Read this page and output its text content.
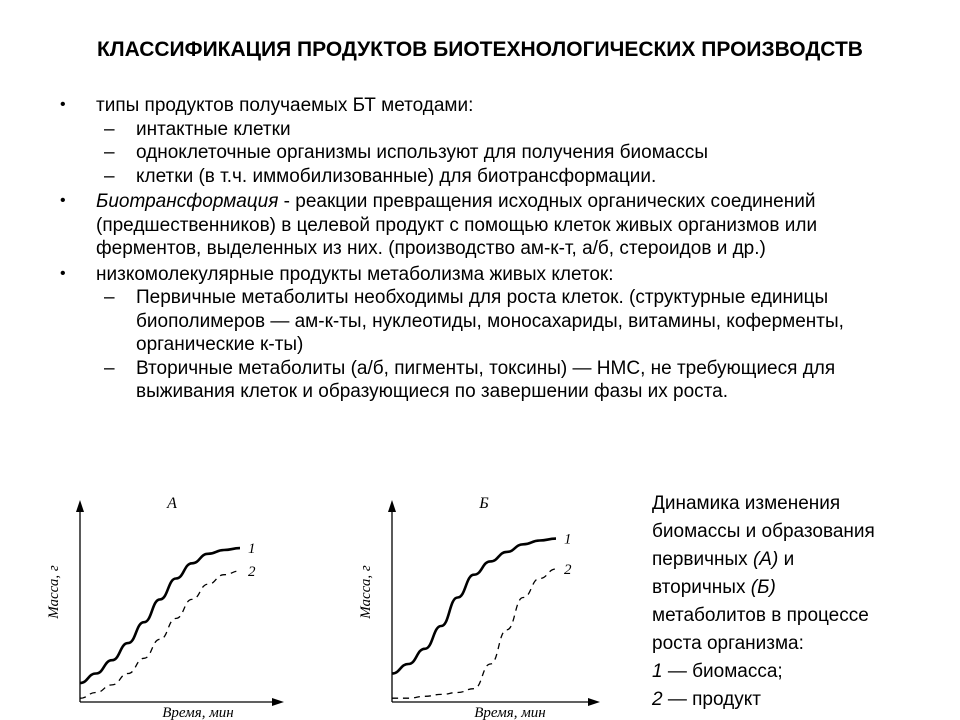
КЛАССИФИКАЦИЯ ПРОДУКТОВ БИОТЕХНОЛОГИЧЕСКИХ ПРОИЗВОДСТВ
• типы продуктов получаемых БТ методами:
– интактные клетки
– одноклеточные организмы используют для получения биомассы
– клетки (в т.ч. иммобилизованные) для биотрансформации.
• Биотрансформация - реакции превращения исходных органических соединений (предшественников) в целевой продукт с помощью клеток живых организмов или ферментов, выделенных из них. (производство ам-к-т, а/б, стероидов и др.)
• низкомолекулярные продукты метаболизма живых клеток:
– Первичные метаболиты необходимы для роста клеток. (структурные единицы биополимеров — ам-к-ты, нуклеотиды, моносахариды, витамины, коферменты, органические к-ты)
– Вторичные метаболиты (а/б, пигменты, токсины) — НМС, не требующиеся для выживания клеток и образующиеся по завершении фазы их роста.
А
Масса, г
Время, мин
1
2
Б
Масса, г
Время, мин
1
2
Динамика изменения
биомассы и образования
первичных (А) и
вторичных (Б)
метаболитов в процессе
роста организма:
1 — биомасса;
2 — продукт
